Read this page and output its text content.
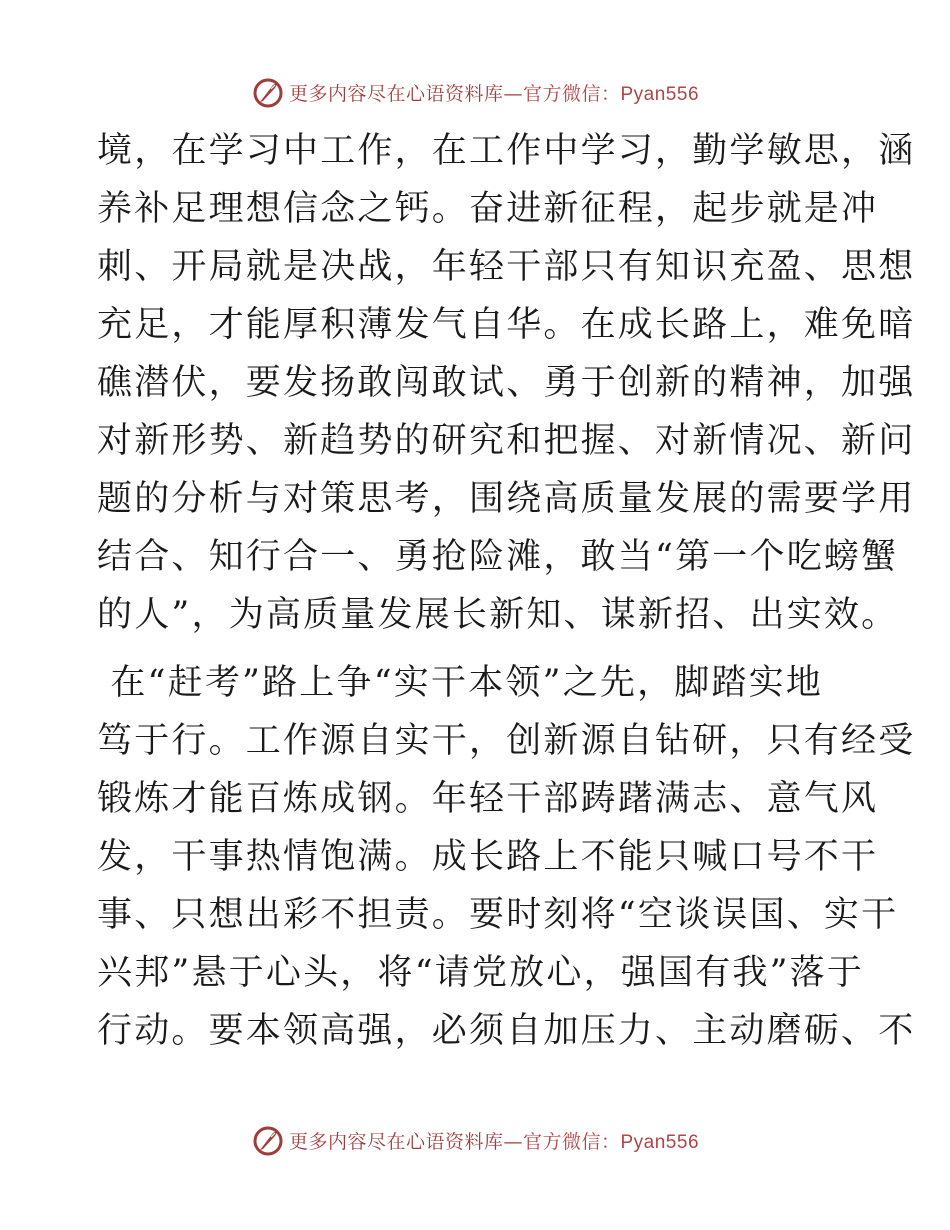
更多内容尽在心语资料库—官方微信：Pyan556
境，在学习中工作，在工作中学习，勤学敏思，涵
养补足理想信念之钙。奋进新征程，起步就是冲
刺、开局就是决战，年轻干部只有知识充盈、思想
充足，才能厚积薄发气自华。在成长路上，难免暗
礁潜伏，要发扬敢闯敢试、勇于创新的精神，加强
对新形势、新趋势的研究和把握、对新情况、新问
题的分析与对策思考，围绕高质量发展的需要学用
结合、知行合一、勇抢险滩，敢当“第一个吃螃蟹
的人”，为高质量发展长新知、谋新招、出实效。
在“赶考”路上争“实干本领”之先，脚踏实地
笃于行。工作源自实干，创新源自钻研，只有经受
锻炼才能百炼成钢。年轻干部踌躇满志、意气风
发，干事热情饱满。成长路上不能只喊口号不干
事、只想出彩不担责。要时刻将“空谈误国、实干
兴邦”悬于心头，将“请党放心，强国有我”落于
行动。要本领高强，必须自加压力、主动磨砺、不
更多内容尽在心语资料库—官方微信：Pyan556
